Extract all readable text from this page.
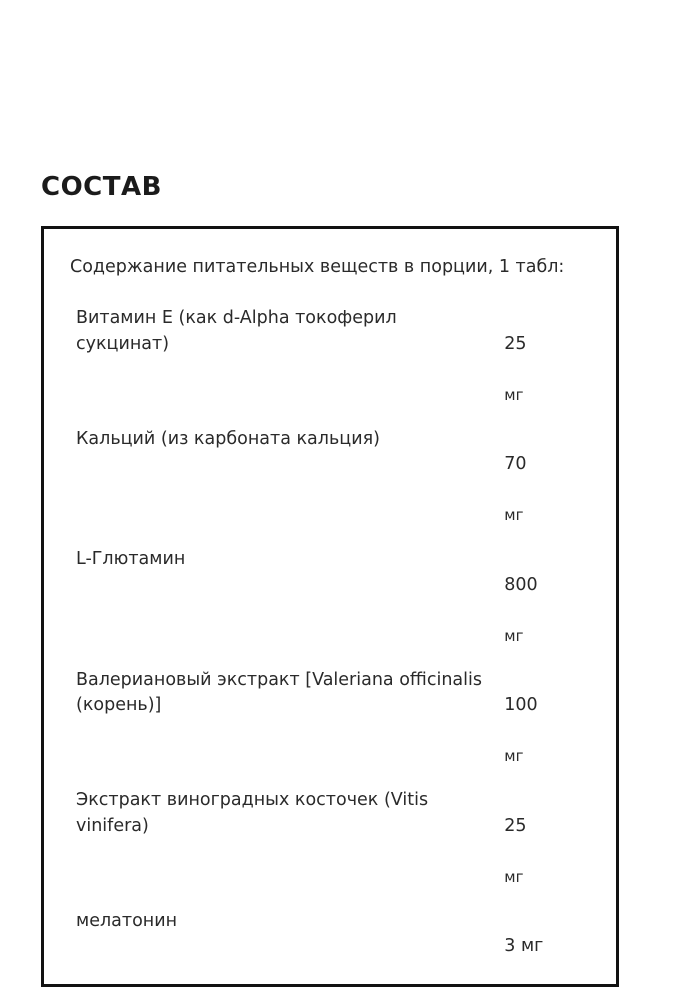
СОСТАВ

Содержание питательных веществ в порции, 1 табл:

Витамин E (как d-Alpha токоферил сукцинат)	25

мг

Кальций (из карбоната кальция)	70

мг

L-Глютамин	800

мг

Валериановый экстракт [Valeriana officinalis (корень)]	100

мг

Экстракт виноградных косточек (Vitis vinifera)	25

мг

мелатонин	3 мг
